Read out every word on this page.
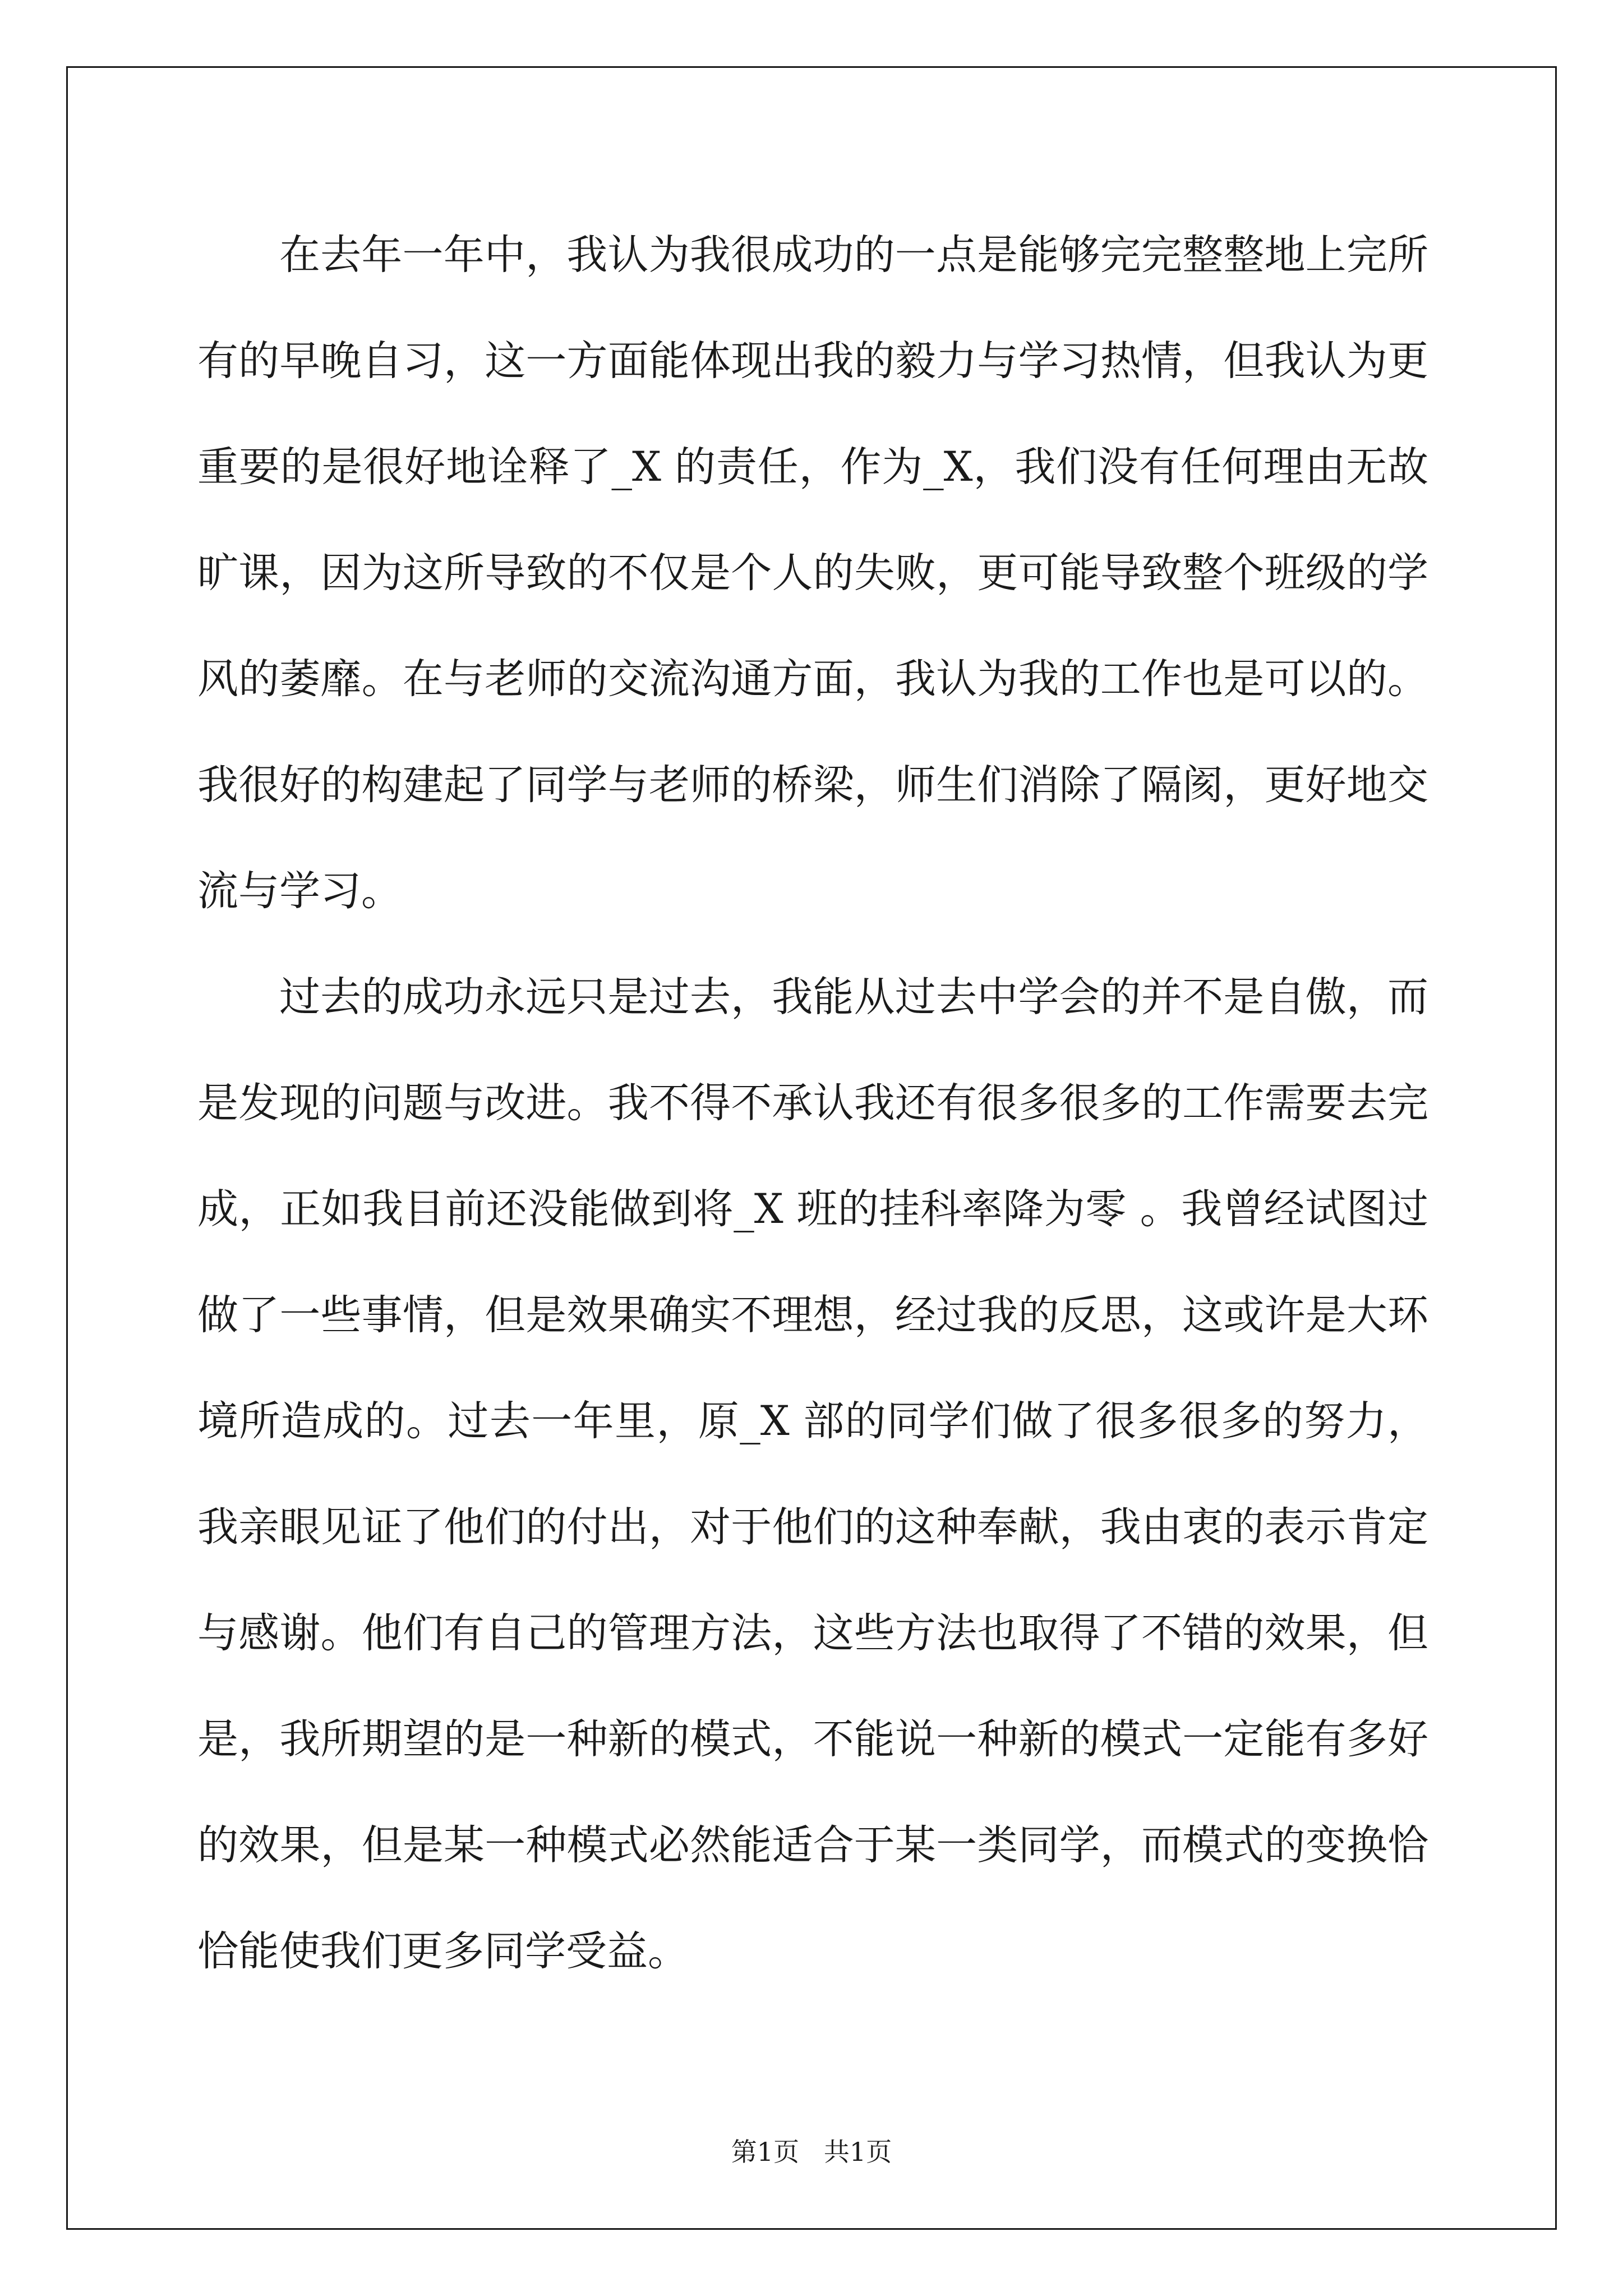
在去年一年中，我认为我很成功的一点是能够完完整整地上完所有的早晚自习，这一方面能体现出我的毅力与学习热情，但我认为更重要的是很好地诠释了_X 的责任，作为_X，我们没有任何理由无故旷课，因为这所导致的不仅是个人的失败，更可能导致整个班级的学风的萎靡。在与老师的交流沟通方面，我认为我的工作也是可以的。我很好的构建起了同学与老师的桥梁，师生们消除了隔阂，更好地交流与学习。

过去的成功永远只是过去，我能从过去中学会的并不是自傲，而是发现的问题与改进。我不得不承认我还有很多很多的工作需要去完成，正如我目前还没能做到将_X 班的挂科率降为零 。我曾经试图过做了一些事情，但是效果确实不理想，经过我的反思，这或许是大环境所造成的。过去一年里，原_X 部的同学们做了很多很多的努力，我亲眼见证了他们的付出，对于他们的这种奉献，我由衷的表示肯定与感谢。他们有自己的管理方法，这些方法也取得了不错的效果，但是，我所期望的是一种新的模式，不能说一种新的模式一定能有多好的效果，但是某一种模式必然能适合于某一类同学，而模式的变换恰恰能使我们更多同学受益。

第1页   共1页
